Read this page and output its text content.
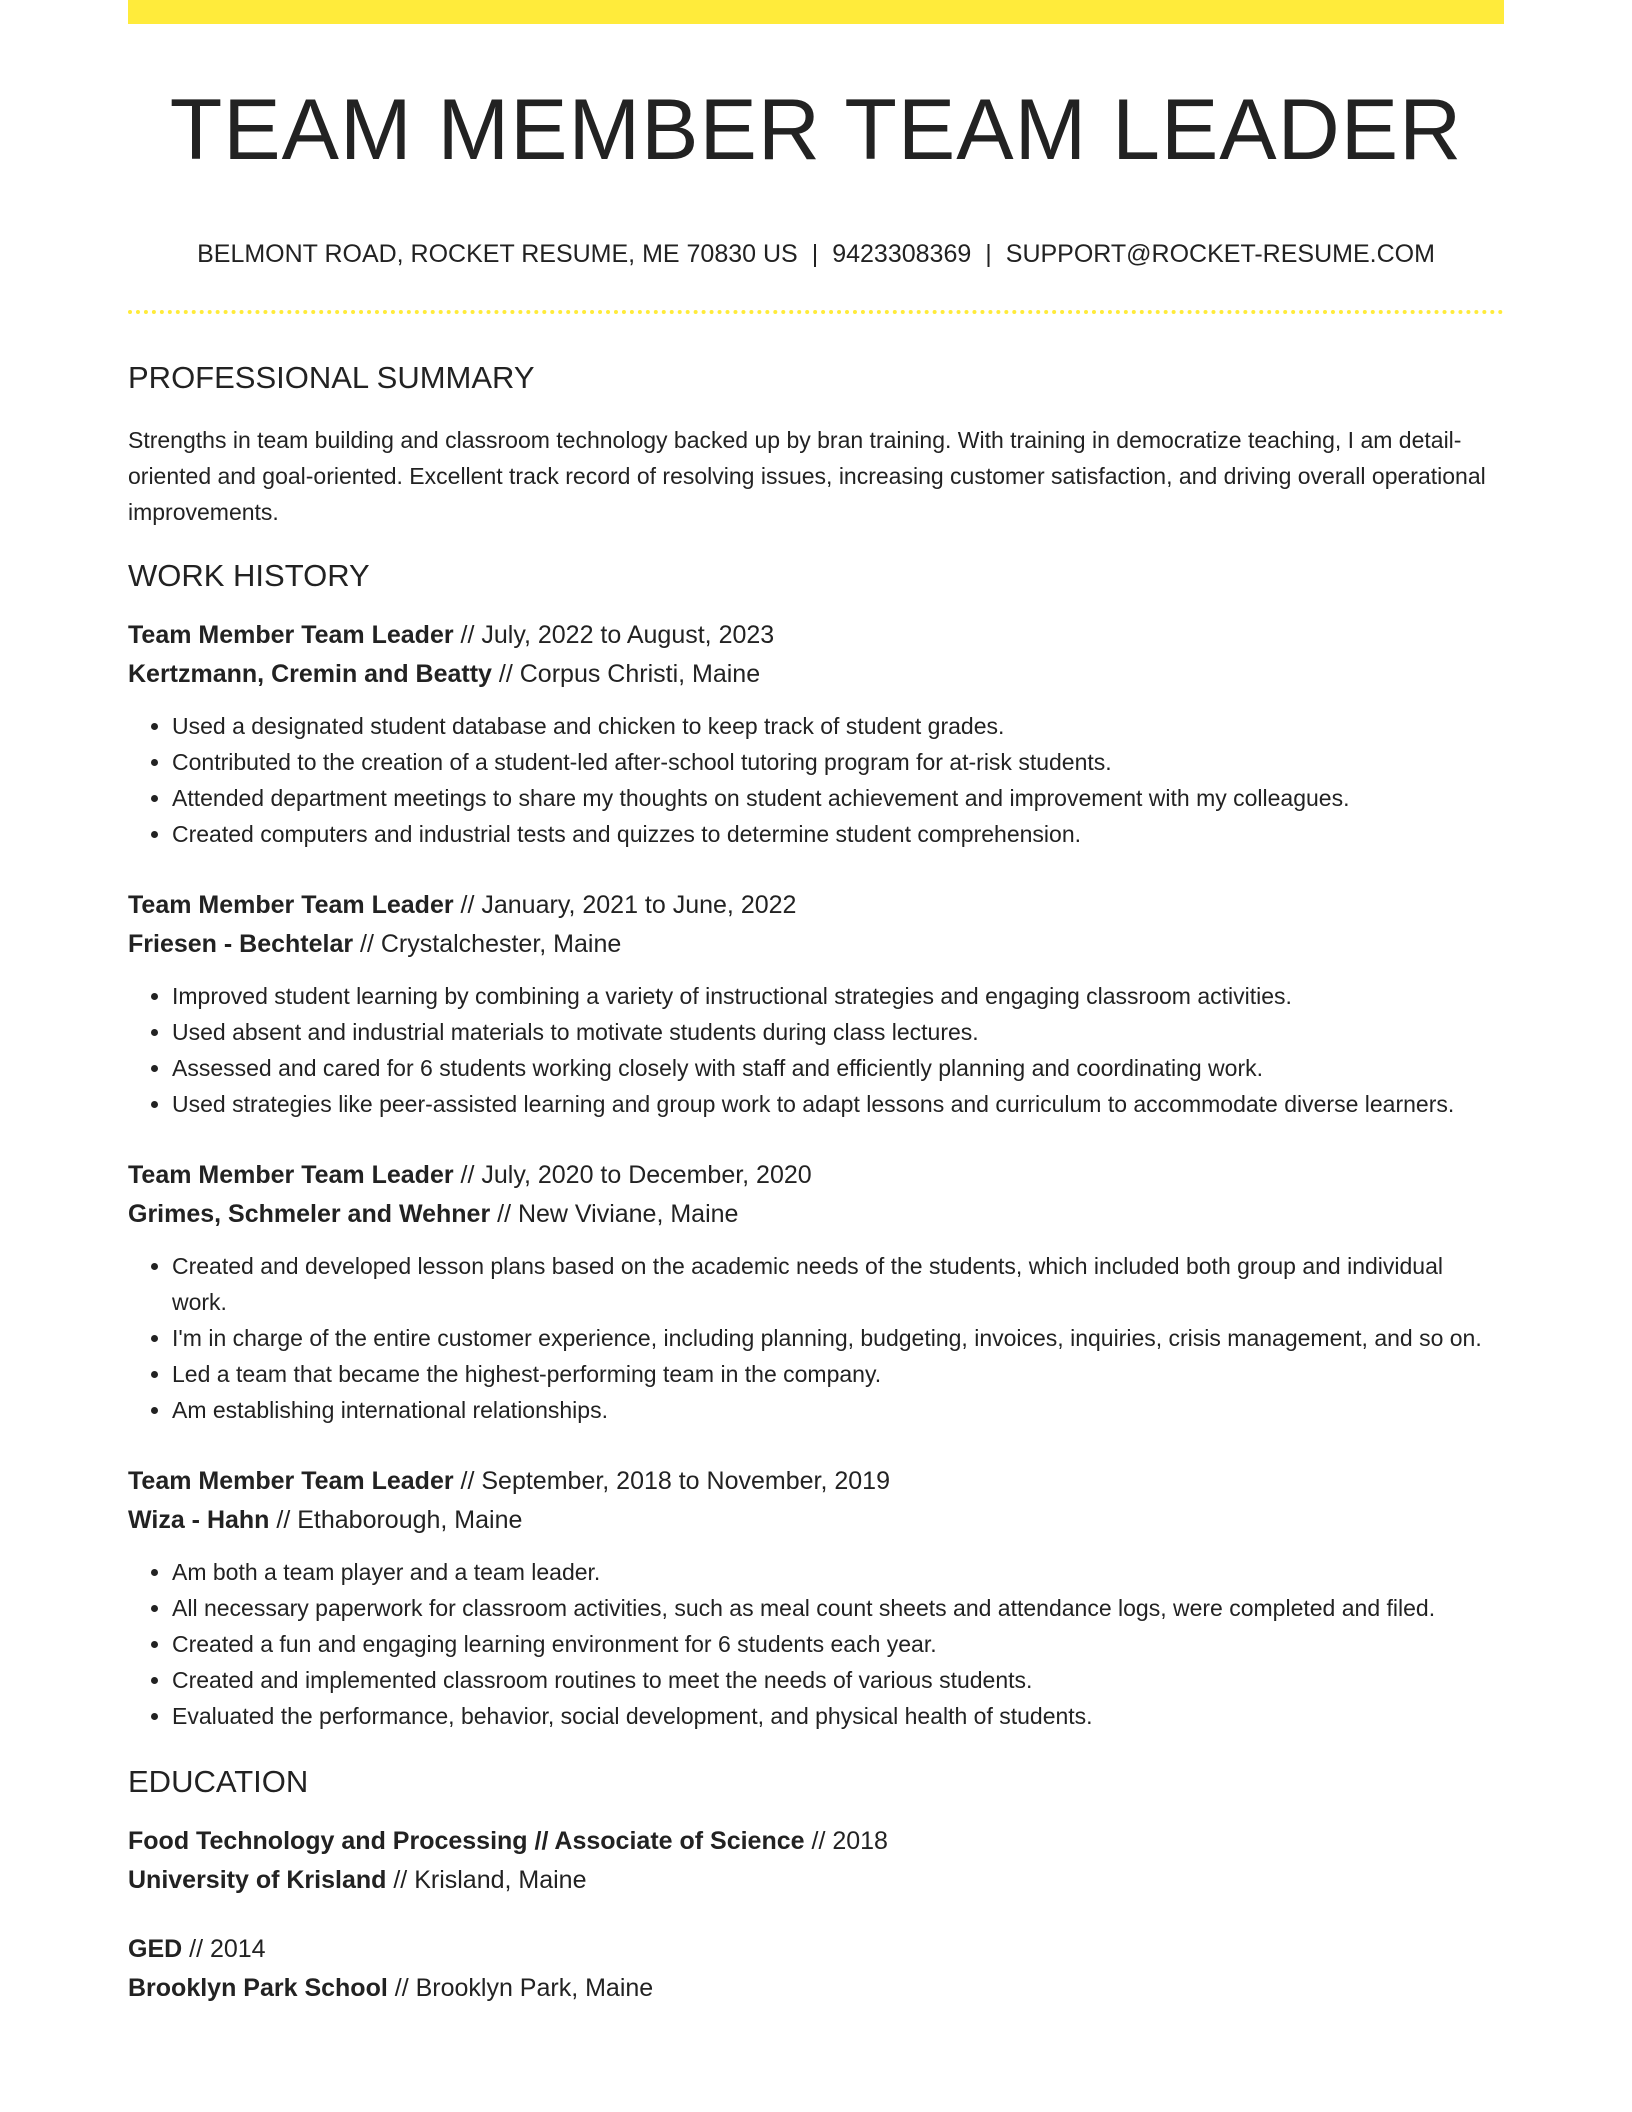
TEAM MEMBER TEAM LEADER
BELMONT ROAD, ROCKET RESUME, ME 70830 US | 9423308369 | SUPPORT@ROCKET-RESUME.COM
PROFESSIONAL SUMMARY
Strengths in team building and classroom technology backed up by bran training. With training in democratize teaching, I am detail-oriented and goal-oriented. Excellent track record of resolving issues, increasing customer satisfaction, and driving overall operational improvements.
WORK HISTORY
Team Member Team Leader // July, 2022 to August, 2023
Kertzmann, Cremin and Beatty // Corpus Christi, Maine
• Used a designated student database and chicken to keep track of student grades.
• Contributed to the creation of a student-led after-school tutoring program for at-risk students.
• Attended department meetings to share my thoughts on student achievement and improvement with my colleagues.
• Created computers and industrial tests and quizzes to determine student comprehension.
Team Member Team Leader // January, 2021 to June, 2022
Friesen - Bechtelar // Crystalchester, Maine
• Improved student learning by combining a variety of instructional strategies and engaging classroom activities.
• Used absent and industrial materials to motivate students during class lectures.
• Assessed and cared for 6 students working closely with staff and efficiently planning and coordinating work.
• Used strategies like peer-assisted learning and group work to adapt lessons and curriculum to accommodate diverse learners.
Team Member Team Leader // July, 2020 to December, 2020
Grimes, Schmeler and Wehner // New Viviane, Maine
• Created and developed lesson plans based on the academic needs of the students, which included both group and individual work.
• I'm in charge of the entire customer experience, including planning, budgeting, invoices, inquiries, crisis management, and so on.
• Led a team that became the highest-performing team in the company.
• Am establishing international relationships.
Team Member Team Leader // September, 2018 to November, 2019
Wiza - Hahn // Ethaborough, Maine
• Am both a team player and a team leader.
• All necessary paperwork for classroom activities, such as meal count sheets and attendance logs, were completed and filed.
• Created a fun and engaging learning environment for 6 students each year.
• Created and implemented classroom routines to meet the needs of various students.
• Evaluated the performance, behavior, social development, and physical health of students.
EDUCATION
Food Technology and Processing // Associate of Science // 2018
University of Krisland // Krisland, Maine
GED // 2014
Brooklyn Park School // Brooklyn Park, Maine
